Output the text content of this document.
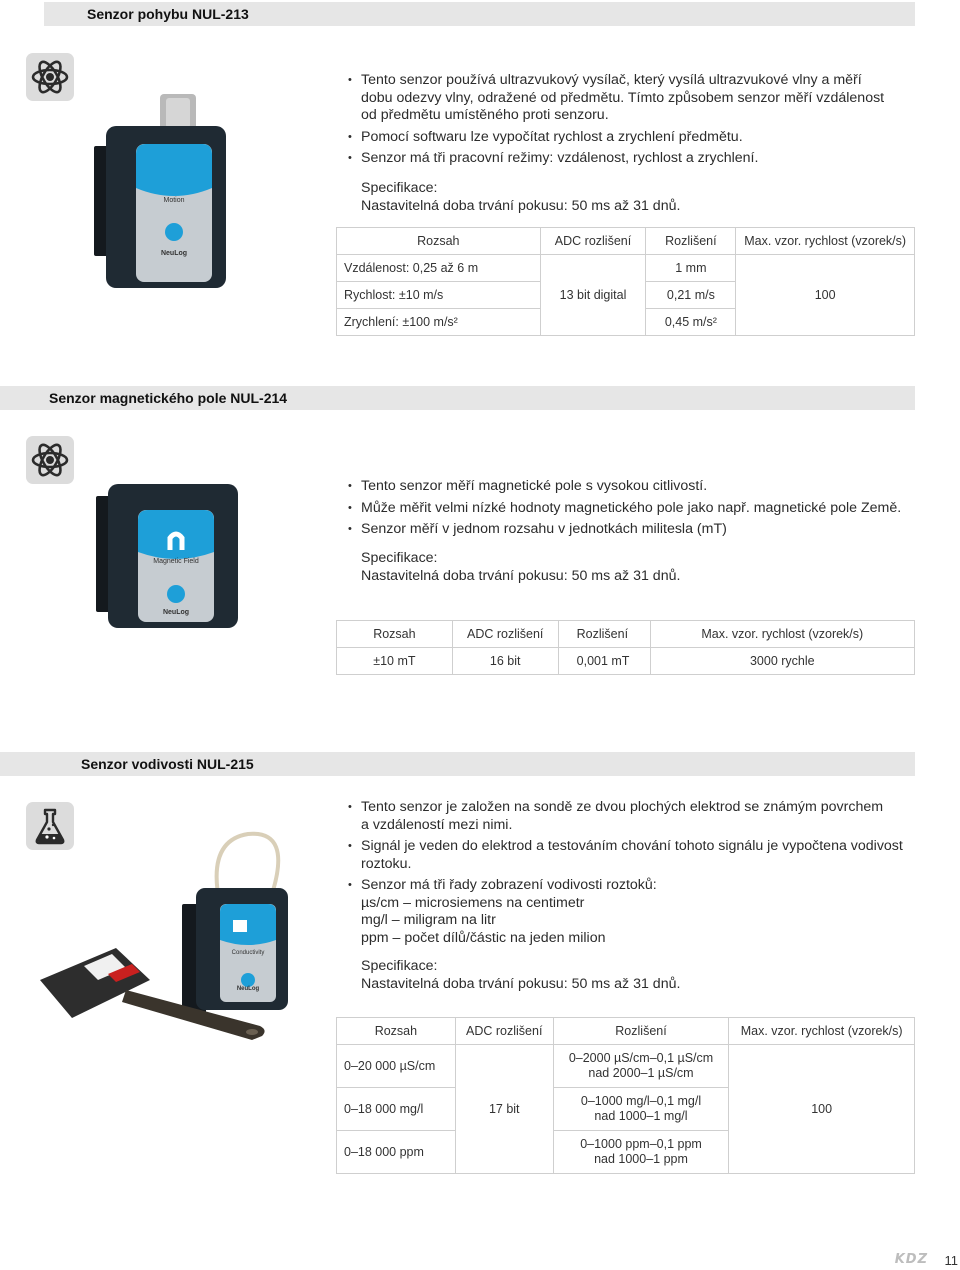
Senzor pohybu NUL-213
Motion
NeuLog
• Tento senzor používá ultrazvukový vysílač, který vysílá ultrazvukové vlny a měří
dobu odezvy vlny, odražené od předmětu. Tímto způsobem senzor měří vzdálenost
od předmětu umístěného proti senzoru.
• Pomocí softwaru lze vypočítat rychlost a zrychlení předmětu.
• Senzor má tři pracovní režimy: vzdálenost, rychlost a zrychlení.
Specifikace:
Nastavitelná doba trvání pokusu: 50 ms až 31 dnů.
Rozsah	ADC rozlišení	Rozlišení	Max. vzor. rychlost (vzorek/s)
Vzdálenost: 0,25 až 6 m	13 bit digital	1 mm	100
Rychlost: ±10 m/s		0,21 m/s	
Zrychlení: ±100 m/s²		0,45 m/s²	
Senzor magnetického pole NUL-214
Magnetic Field
NeuLog
• Tento senzor měří magnetické pole s vysokou citlivostí.
• Může měřit velmi nízké hodnoty magnetického pole jako např. magnetické pole Země.
• Senzor měří v jednom rozsahu v jednotkách militesla (mT)
Specifikace:
Nastavitelná doba trvání pokusu: 50 ms až 31 dnů.
Rozsah	ADC rozlišení	Rozlišení	Max. vzor. rychlost (vzorek/s)
±10 mT	16 bit	0,001 mT	3000 rychle
Senzor vodivosti NUL-215
Conductivity
NeuLog
• Tento senzor je založen na sondě ze dvou plochých elektrod se známým povrchem
a vzdáleností mezi nimi.
• Signál je veden do elektrod a testováním chování tohoto signálu je vypočtena vodivost
roztoku.
• Senzor má tři řady zobrazení vodivosti roztoků:
µs/cm – microsiemens na centimetr
mg/l – miligram na litr
ppm – počet dílů/částic na jeden milion
Specifikace:
Nastavitelná doba trvání pokusu: 50 ms až 31 dnů.
Rozsah	ADC rozlišení	Rozlišení	Max. vzor. rychlost (vzorek/s)
0–20 000 µS/cm	17 bit	0–2000 µS/cm–0,1 µS/cm
nad 2000–1 µS/cm	100
0–18 000 mg/l		0–1000 mg/l–0,1 mg/l
nad 1000–1 mg/l	

0–18 000 ppm		0–1000 ppm–0,1 ppm
nad 1000–1 ppm	
KDZ 11
